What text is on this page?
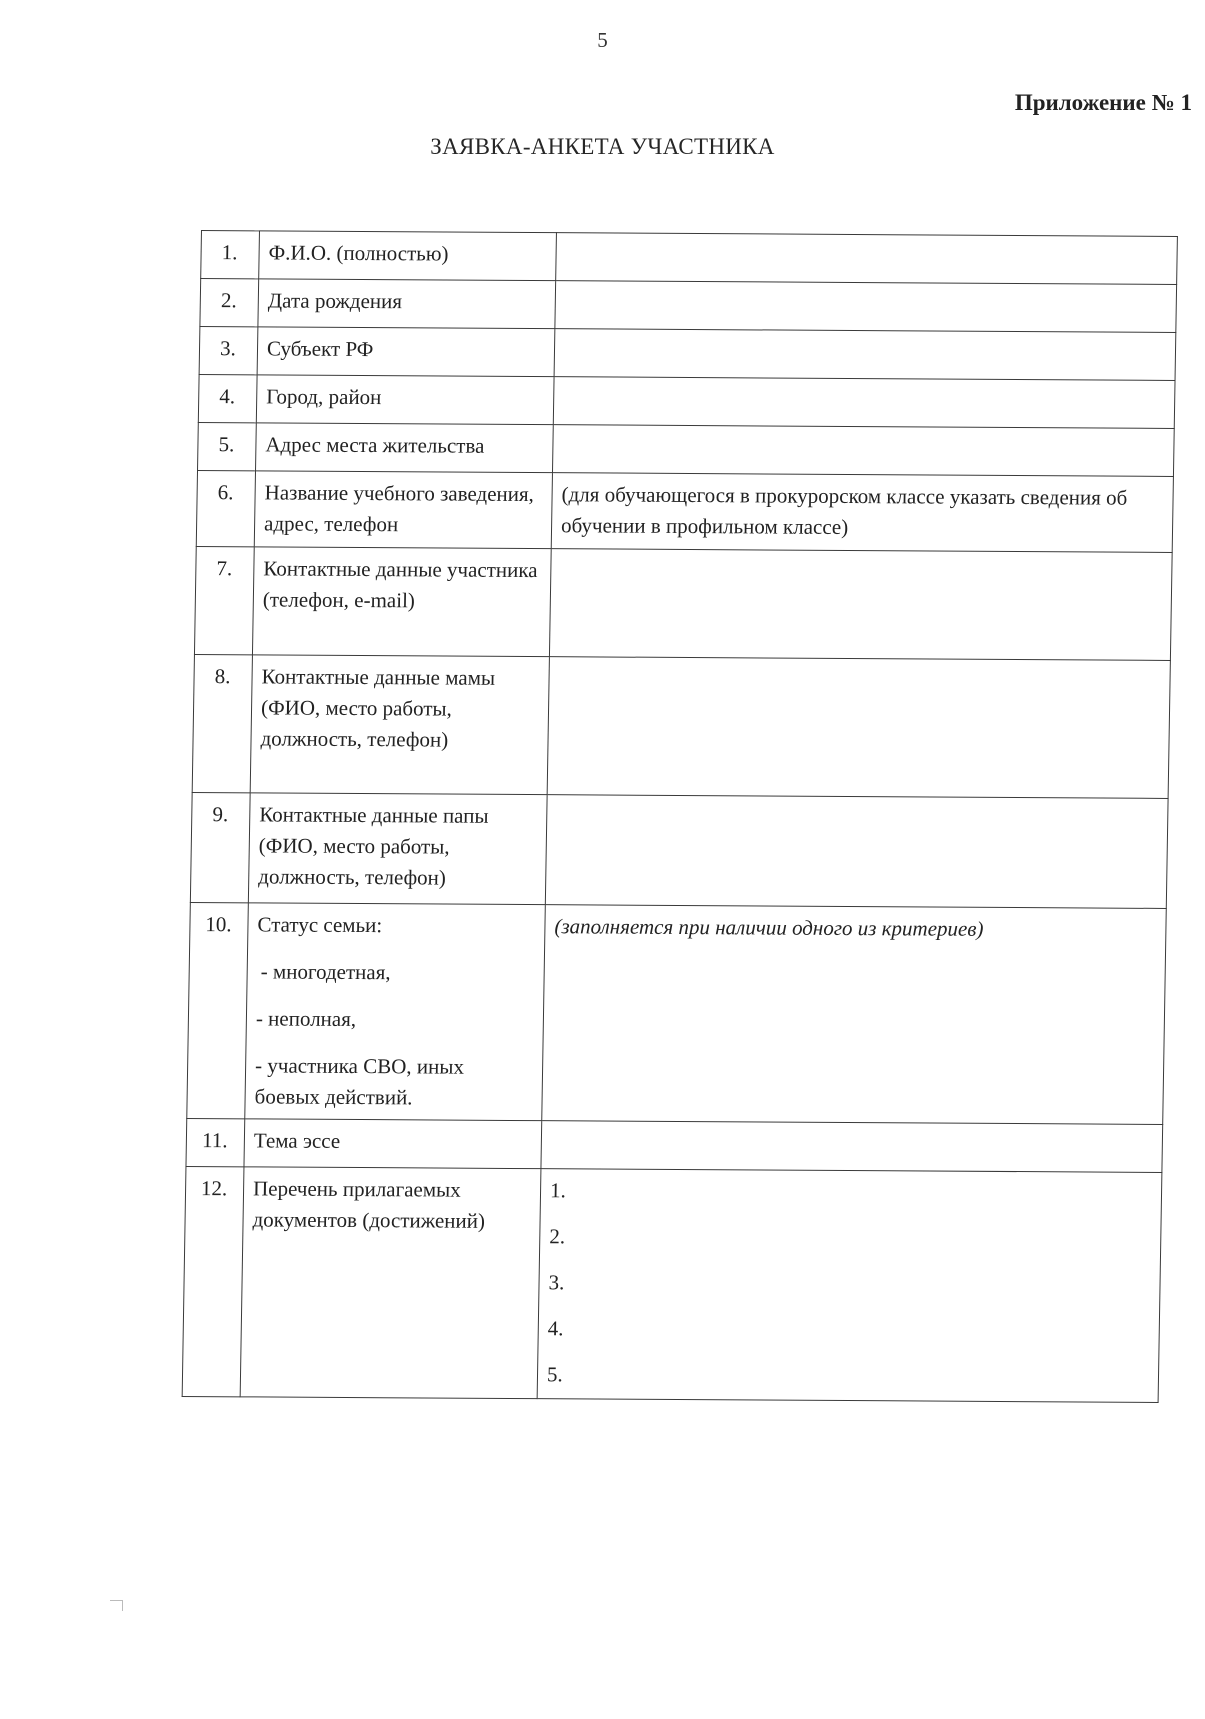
5
Приложение № 1
ЗАЯВКА-АНКЕТА УЧАСТНИКА
1.	Ф.И.О. (полностью)	
2.	Дата рождения	
3.	Субъект РФ	
4.	Город, район	
5.	Адрес места жительства	
6.	Название учебного заведения, адрес, телефон	(для обучающегося в прокурорском классе указать сведения об обучении в профильном классе)
7.	Контактные данные участника (телефон, e-mail)	
8.	Контактные данные мамы (ФИО, место работы, должность, телефон)	
9.	Контактные данные папы (ФИО, место работы, должность, телефон)	
10.	Статус семьи:
- многодетная,
- неполная,
- участника СВО, иных боевых действий.	(заполняется при наличии одного из критериев)
11.	Тема эссе	
12.	Перечень прилагаемых документов (достижений)	1.
2.
3.
4.
5.
